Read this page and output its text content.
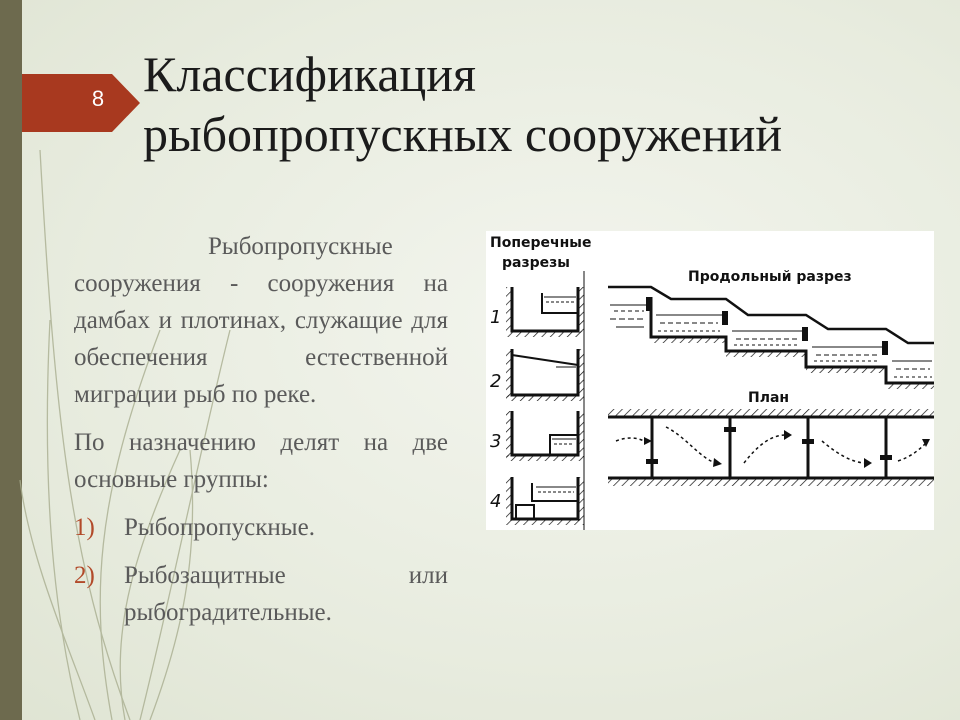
8 Классификация
рыбопропускных сооружений

Рыбопропускные сооружения - сооружения на дамбах и плотинах, служащие для обеспечения естественной миграции рыб по реке.

По назначению делят на две основные группы:

1)	Рыбопропускные.
2)	Рыбозащитные или рыбоградительные.
Поперечные
разрезы
Продольный разрез
План
1
2
3
4
